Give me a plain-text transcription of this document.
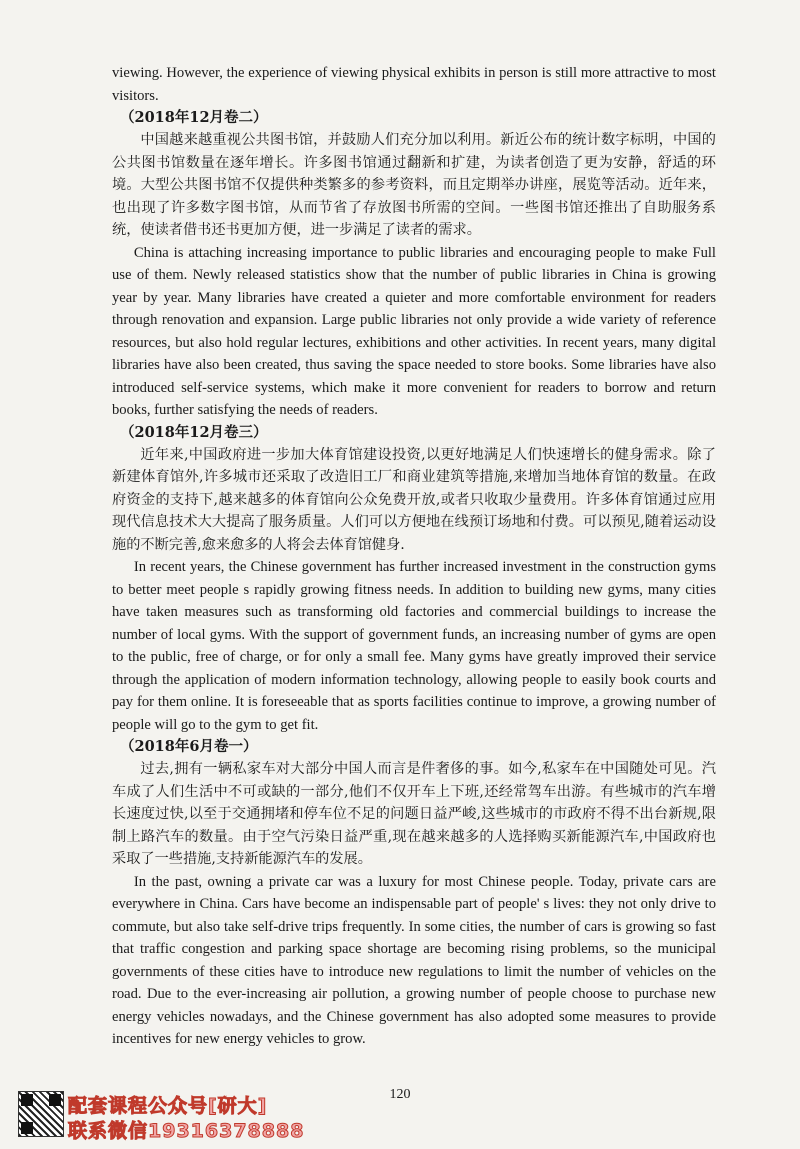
viewing. However, the experience of viewing physical exhibits in person is still more attractive to most visitors.

（2018年12月卷二）

中国越来越重视公共图书馆，并鼓励人们充分加以利用。新近公布的统计数字标明，中国的公共图书馆数量在逐年增长。许多图书馆通过翻新和扩建，为读者创造了更为安静，舒适的环境。大型公共图书馆不仅提供种类繁多的参考资料，而且定期举办讲座，展览等活动。近年来，也出现了许多数字图书馆，从而节省了存放图书所需的空间。一些图书馆还推出了自助服务系统，使读者借书还书更加方便，进一步满足了读者的需求。

China is attaching increasing importance to public libraries and encouraging people to make Full use of them. Newly released statistics show that the number of public libraries in China is growing year by year. Many libraries have created a quieter and more comfortable environment for readers through renovation and expansion. Large public libraries not only provide a wide variety of reference resources, but also hold regular lectures, exhibitions and other activities. In recent years, many digital libraries have also been created, thus saving the space needed to store books. Some libraries have also introduced self-service systems, which make it more convenient for readers to borrow and return books, further satisfying the needs of readers.

（2018年12月卷三）

近年来,中国政府进一步加大体育馆建设投资,以更好地满足人们快速增长的健身需求。除了新建体育馆外,许多城市还采取了改造旧工厂和商业建筑等措施,来增加当地体育馆的数量。在政府资金的支持下,越来越多的体育馆向公众免费开放,或者只收取少量费用。许多体育馆通过应用现代信息技术大大提高了服务质量。人们可以方便地在线预订场地和付费。可以预见,随着运动设施的不断完善,愈来愈多的人将会去体育馆健身.

In recent years, the Chinese government has further increased investment in the construction gyms to better meet people s rapidly growing fitness needs. In addition to building new gyms, many cities have taken measures such as transforming old factories and commercial buildings to increase the number of local gyms. With the support of government funds, an increasing number of gyms are open to the public, free of charge, or for only a small fee. Many gyms have greatly improved their service through the application of modern information technology, allowing people to easily book courts and pay for them online. It is foreseeable that as sports facilities continue to improve, a growing number of people will go to the gym to get fit.

（2018年6月卷一）

过去,拥有一辆私家车对大部分中国人而言是件奢侈的事。如今,私家车在中国随处可见。汽车成了人们生活中不可或缺的一部分,他们不仅开车上下班,还经常驾车出游。有些城市的汽车增长速度过快,以至于交通拥堵和停车位不足的问题日益严峻,这些城市的市政府不得不出台新规,限制上路汽车的数量。由于空气污染日益严重,现在越来越多的人选择购买新能源汽车,中国政府也采取了一些措施,支持新能源汽车的发展。

In the past, owning a private car was a luxury for most Chinese people. Today, private cars are everywhere in China. Cars have become an indispensable part of people' s lives: they not only drive to commute, but also take self-drive trips frequently. In some cities, the number of cars is growing so fast that traffic congestion and parking space shortage are becoming rising problems, so the municipal governments of these cities have to introduce new regulations to limit the number of vehicles on the road. Due to the ever-increasing air pollution, a growing number of people choose to purchase new energy vehicles nowadays, and the Chinese government has also adopted some measures to provide incentives for new energy vehicles to grow.

120
配套课程公众号[研大]
联系微信19316378888
